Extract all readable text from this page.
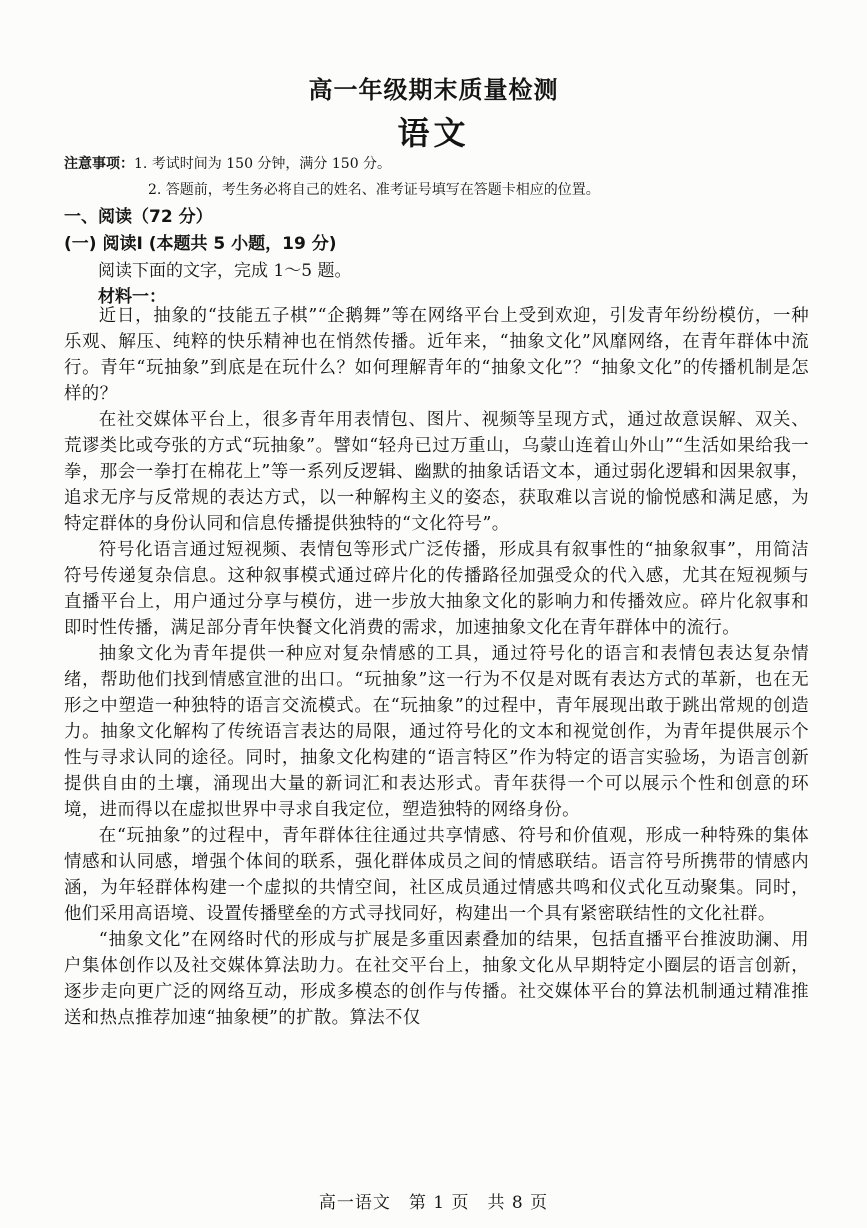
高一年级期末质量检测
语文
注意事项：1. 考试时间为 150 分钟，满分 150 分。
2. 答题前，考生务必将自己的姓名、准考证号填写在答题卡相应的位置。
一、阅读（72 分）
(一) 阅读Ⅰ (本题共 5 小题，19 分)
阅读下面的文字，完成 1～5 题。
材料一：

近日，抽象的“技能五子棋”“企鹅舞”等在网络平台上受到欢迎，引发青年纷纷模仿，一种乐观、解压、纯粹的快乐精神也在悄然传播。近年来，“抽象文化”风靡网络，在青年群体中流行。青年“玩抽象”到底是在玩什么？如何理解青年的“抽象文化”？“抽象文化”的传播机制是怎样的？

在社交媒体平台上，很多青年用表情包、图片、视频等呈现方式，通过故意误解、双关、荒谬类比或夸张的方式“玩抽象”。譬如“轻舟已过万重山，乌蒙山连着山外山”“生活如果给我一拳，那会一拳打在棉花上”等一系列反逻辑、幽默的抽象话语文本，通过弱化逻辑和因果叙事，追求无序与反常规的表达方式，以一种解构主义的姿态，获取难以言说的愉悦感和满足感，为特定群体的身份认同和信息传播提供独特的“文化符号”。

符号化语言通过短视频、表情包等形式广泛传播，形成具有叙事性的“抽象叙事”，用简洁符号传递复杂信息。这种叙事模式通过碎片化的传播路径加强受众的代入感，尤其在短视频与直播平台上，用户通过分享与模仿，进一步放大抽象文化的影响力和传播效应。碎片化叙事和即时性传播，满足部分青年快餐文化消费的需求，加速抽象文化在青年群体中的流行。

抽象文化为青年提供一种应对复杂情感的工具，通过符号化的语言和表情包表达复杂情绪，帮助他们找到情感宣泄的出口。“玩抽象”这一行为不仅是对既有表达方式的革新，也在无形之中塑造一种独特的语言交流模式。在“玩抽象”的过程中，青年展现出敢于跳出常规的创造力。抽象文化解构了传统语言表达的局限，通过符号化的文本和视觉创作，为青年提供展示个性与寻求认同的途径。同时，抽象文化构建的“语言特区”作为特定的语言实验场，为语言创新提供自由的土壤，涌现出大量的新词汇和表达形式。青年获得一个可以展示个性和创意的环境，进而得以在虚拟世界中寻求自我定位，塑造独特的网络身份。

在“玩抽象”的过程中，青年群体往往通过共享情感、符号和价值观，形成一种特殊的集体情感和认同感，增强个体间的联系，强化群体成员之间的情感联结。语言符号所携带的情感内涵，为年轻群体构建一个虚拟的共情空间，社区成员通过情感共鸣和仪式化互动聚集。同时，他们采用高语境、设置传播壁垒的方式寻找同好，构建出一个具有紧密联结性的文化社群。

“抽象文化”在网络时代的形成与扩展是多重因素叠加的结果，包括直播平台推波助澜、用户集体创作以及社交媒体算法助力。在社交平台上，抽象文化从早期特定小圈层的语言创新，逐步走向更广泛的网络互动，形成多模态的创作与传播。社交媒体平台的算法机制通过精准推送和热点推荐加速“抽象梗”的扩散。算法不仅

高一语文　第 1 页　共 8 页
